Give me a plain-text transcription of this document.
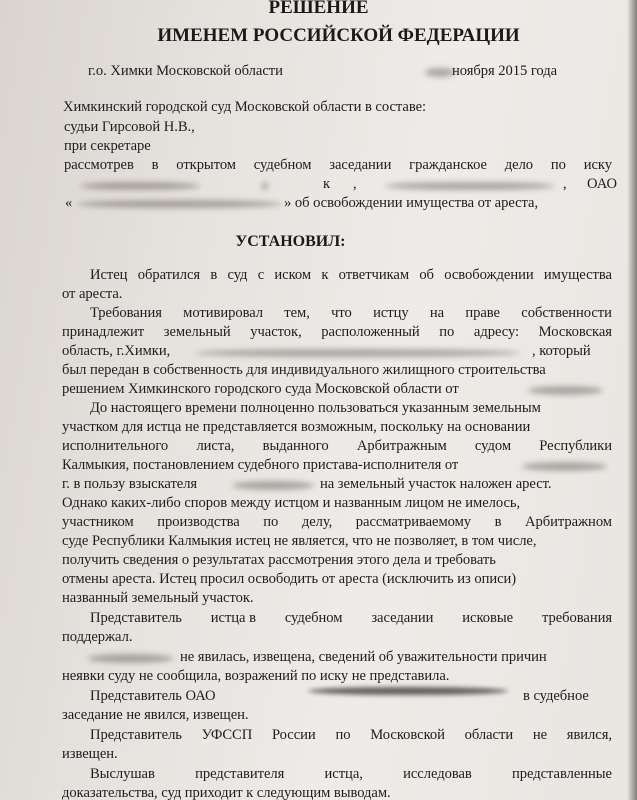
РЕШЕНИЕ
ИМЕНЕМ РОССИЙСКОЙ ФЕДЕРАЦИИ
г.о. Химки Московской области	ноября 2015 года
Химкинский городской суд Московской области в составе:
судьи Гирсовой Н.В.,
при секретаре
рассмотрев в открытом судебном заседании гражданское дело по иску
к ,	, ОАО
«	» об освобождении имущества от ареста,
УСТАНОВИЛ:
Истец обратился в суд с иском к ответчикам об освобождении имущества
от ареста.
Требования мотивировал тем, что истцу на праве собственности
принадлежит земельный участок, расположенный по адресу: Московская
область, г.Химки,	, который
был передан в собственность для индивидуального жилищного строительства
решением Химкинского городского суда Московской области от
До настоящего времени полноценно пользоваться указанным земельным
участком для истца не представляется возможным, поскольку на основании
исполнительного листа, выданного Арбитражным судом Республики
Калмыкия, постановлением судебного пристава-исполнителя от
г. в пользу взыскателя	на земельный участок наложен арест.
Однако каких-либо споров между истцом и названным лицом не имелось,
участником производства по делу, рассматриваемому в Арбитражном
суде Республики Калмыкия истец не является, что не позволяет, в том числе,
получить сведения о результатах рассмотрения этого дела и требовать
отмены ареста. Истец просил освободить от ареста (исключить из описи)
названный земельный участок.
Представитель истца в судебном заседании исковые требования
поддержал.
не явилась, извещена, сведений об уважительности причин
неявки суду не сообщила, возражений по иску не представила.
Представитель ОАО	в судебное
заседание не явился, извещен.
Представитель УФССП России по Московской области не явился,
извещен.
Выслушав	представителя	истца,	исследовав	представленные
доказательства, суд приходит к следующим выводам.
